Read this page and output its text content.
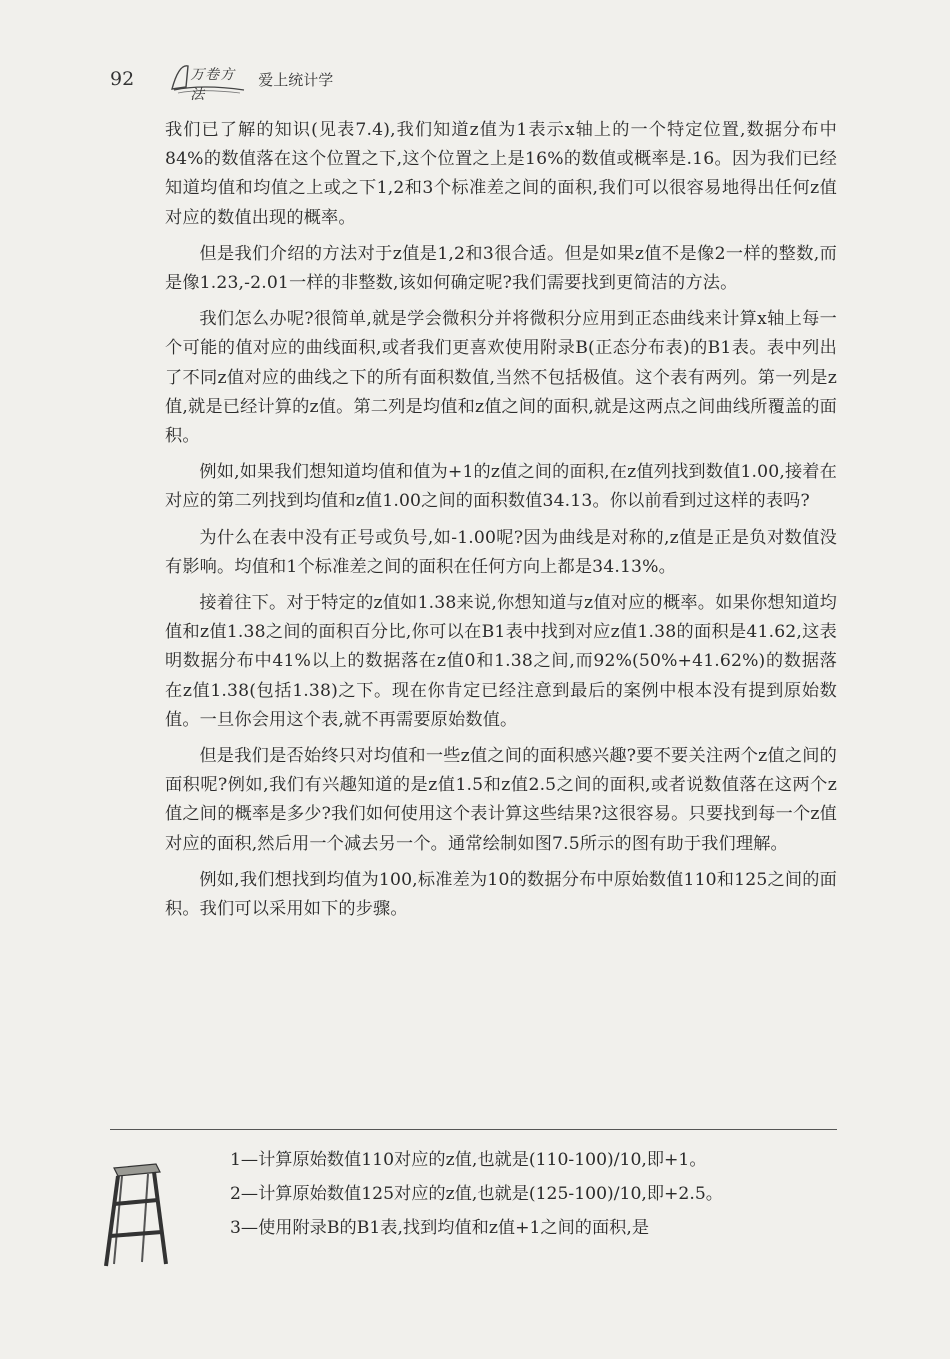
92	万卷方法
爱上统计学

我们已了解的知识(见表7.4),我们知道z值为1表示x轴上的一个特定位置,数据分布中84%的数值落在这个位置之下,这个位置之上是16%的数值或概率是.16。因为我们已经知道均值和均值之上或之下1,2和3个标准差之间的面积,我们可以很容易地得出任何z值对应的数值出现的概率。

但是我们介绍的方法对于z值是1,2和3很合适。但是如果z值不是像2一样的整数,而是像1.23,-2.01一样的非整数,该如何确定呢?我们需要找到更简洁的方法。

我们怎么办呢?很简单,就是学会微积分并将微积分应用到正态曲线来计算x轴上每一个可能的值对应的曲线面积,或者我们更喜欢使用附录B(正态分布表)的B1表。表中列出了不同z值对应的曲线之下的所有面积数值,当然不包括极值。这个表有两列。第一列是z值,就是已经计算的z值。第二列是均值和z值之间的面积,就是这两点之间曲线所覆盖的面积。

例如,如果我们想知道均值和值为+1的z值之间的面积,在z值列找到数值1.00,接着在对应的第二列找到均值和z值1.00之间的面积数值34.13。你以前看到过这样的表吗?

为什么在表中没有正号或负号,如-1.00呢?因为曲线是对称的,z值是正是负对数值没有影响。均值和1个标准差之间的面积在任何方向上都是34.13%。

接着往下。对于特定的z值如1.38来说,你想知道与z值对应的概率。如果你想知道均值和z值1.38之间的面积百分比,你可以在B1表中找到对应z值1.38的面积是41.62,这表明数据分布中41%以上的数据落在z值0和1.38之间,而92%(50%+41.62%)的数据落在z值1.38(包括1.38)之下。现在你肯定已经注意到最后的案例中根本没有提到原始数值。一旦你会用这个表,就不再需要原始数值。

但是我们是否始终只对均值和一些z值之间的面积感兴趣?要不要关注两个z值之间的面积呢?例如,我们有兴趣知道的是z值1.5和z值2.5之间的面积,或者说数值落在这两个z值之间的概率是多少?我们如何使用这个表计算这些结果?这很容易。只要找到每一个z值对应的面积,然后用一个减去另一个。通常绘制如图7.5所示的图有助于我们理解。

例如,我们想找到均值为100,标准差为10的数据分布中原始数值110和125之间的面积。我们可以采用如下的步骤。

1—计算原始数值110对应的z值,也就是(110-100)/10,即+1。

2—计算原始数值125对应的z值,也就是(125-100)/10,即+2.5。

3—使用附录B的B1表,找到均值和z值+1之间的面积,是
